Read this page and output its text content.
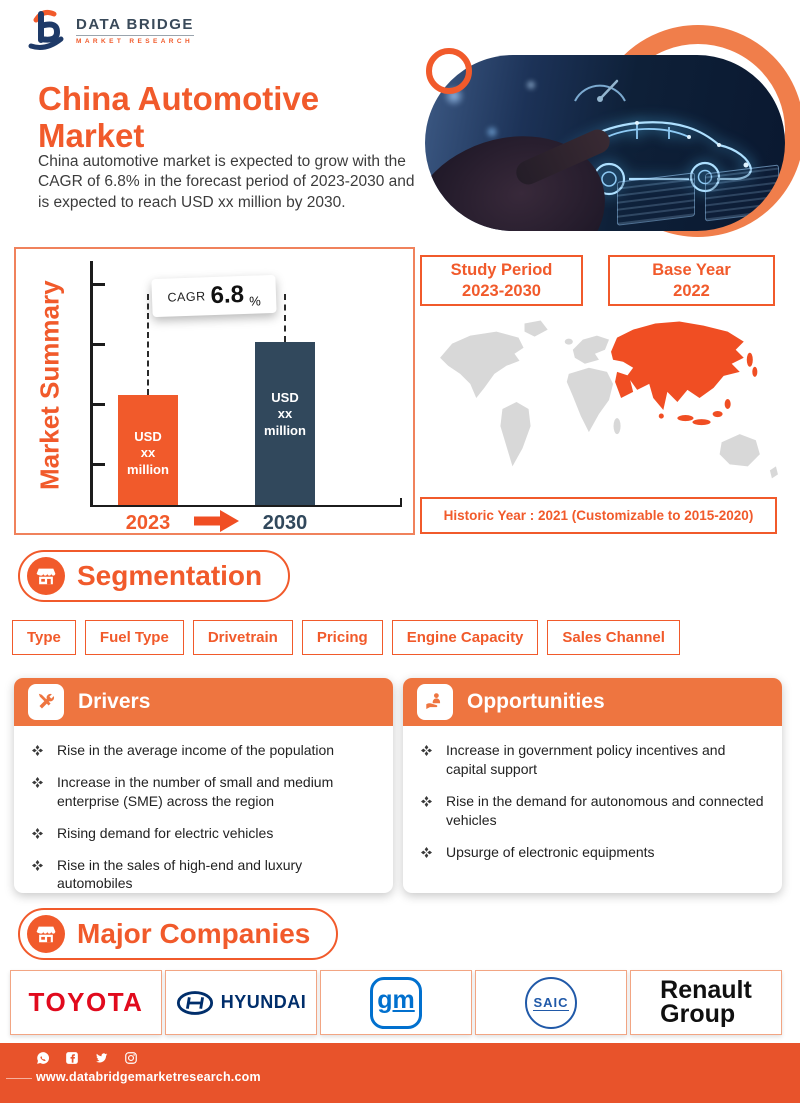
DATA BRIDGE
MARKET RESEARCH
China Automotive
Market
China automotive market is expected to grow with the CAGR of 6.8% in the forecast period of 2023-2030 and is expected to reach USD xx million by 2030.
Market Summary	CAGR 6.8 %
USD
xx
million
USD
xx
million
2023	2030
Study Period
2023-2030
Base Year
2022
Historic Year : 2021 (Customizable to 2015-2020)
Segmentation
Type	Fuel Type	Drivetrain	Pricing	Engine Capacity	Sales Channel
Drivers
Rise in the average income of the population
Increase in the number of small and medium enterprise (SME) across the region
Rising demand for electric vehicles
Rise in the sales of high-end and luxury automobiles
Opportunities
Increase in government policy incentives and capital support
Rise in the demand for autonomous and connected vehicles
Upsurge of electronic equipments
Major Companies
TOYOTA	HYUNDAI	gm	SAIC	Renault
Group
www.databridgemarketresearch.com
